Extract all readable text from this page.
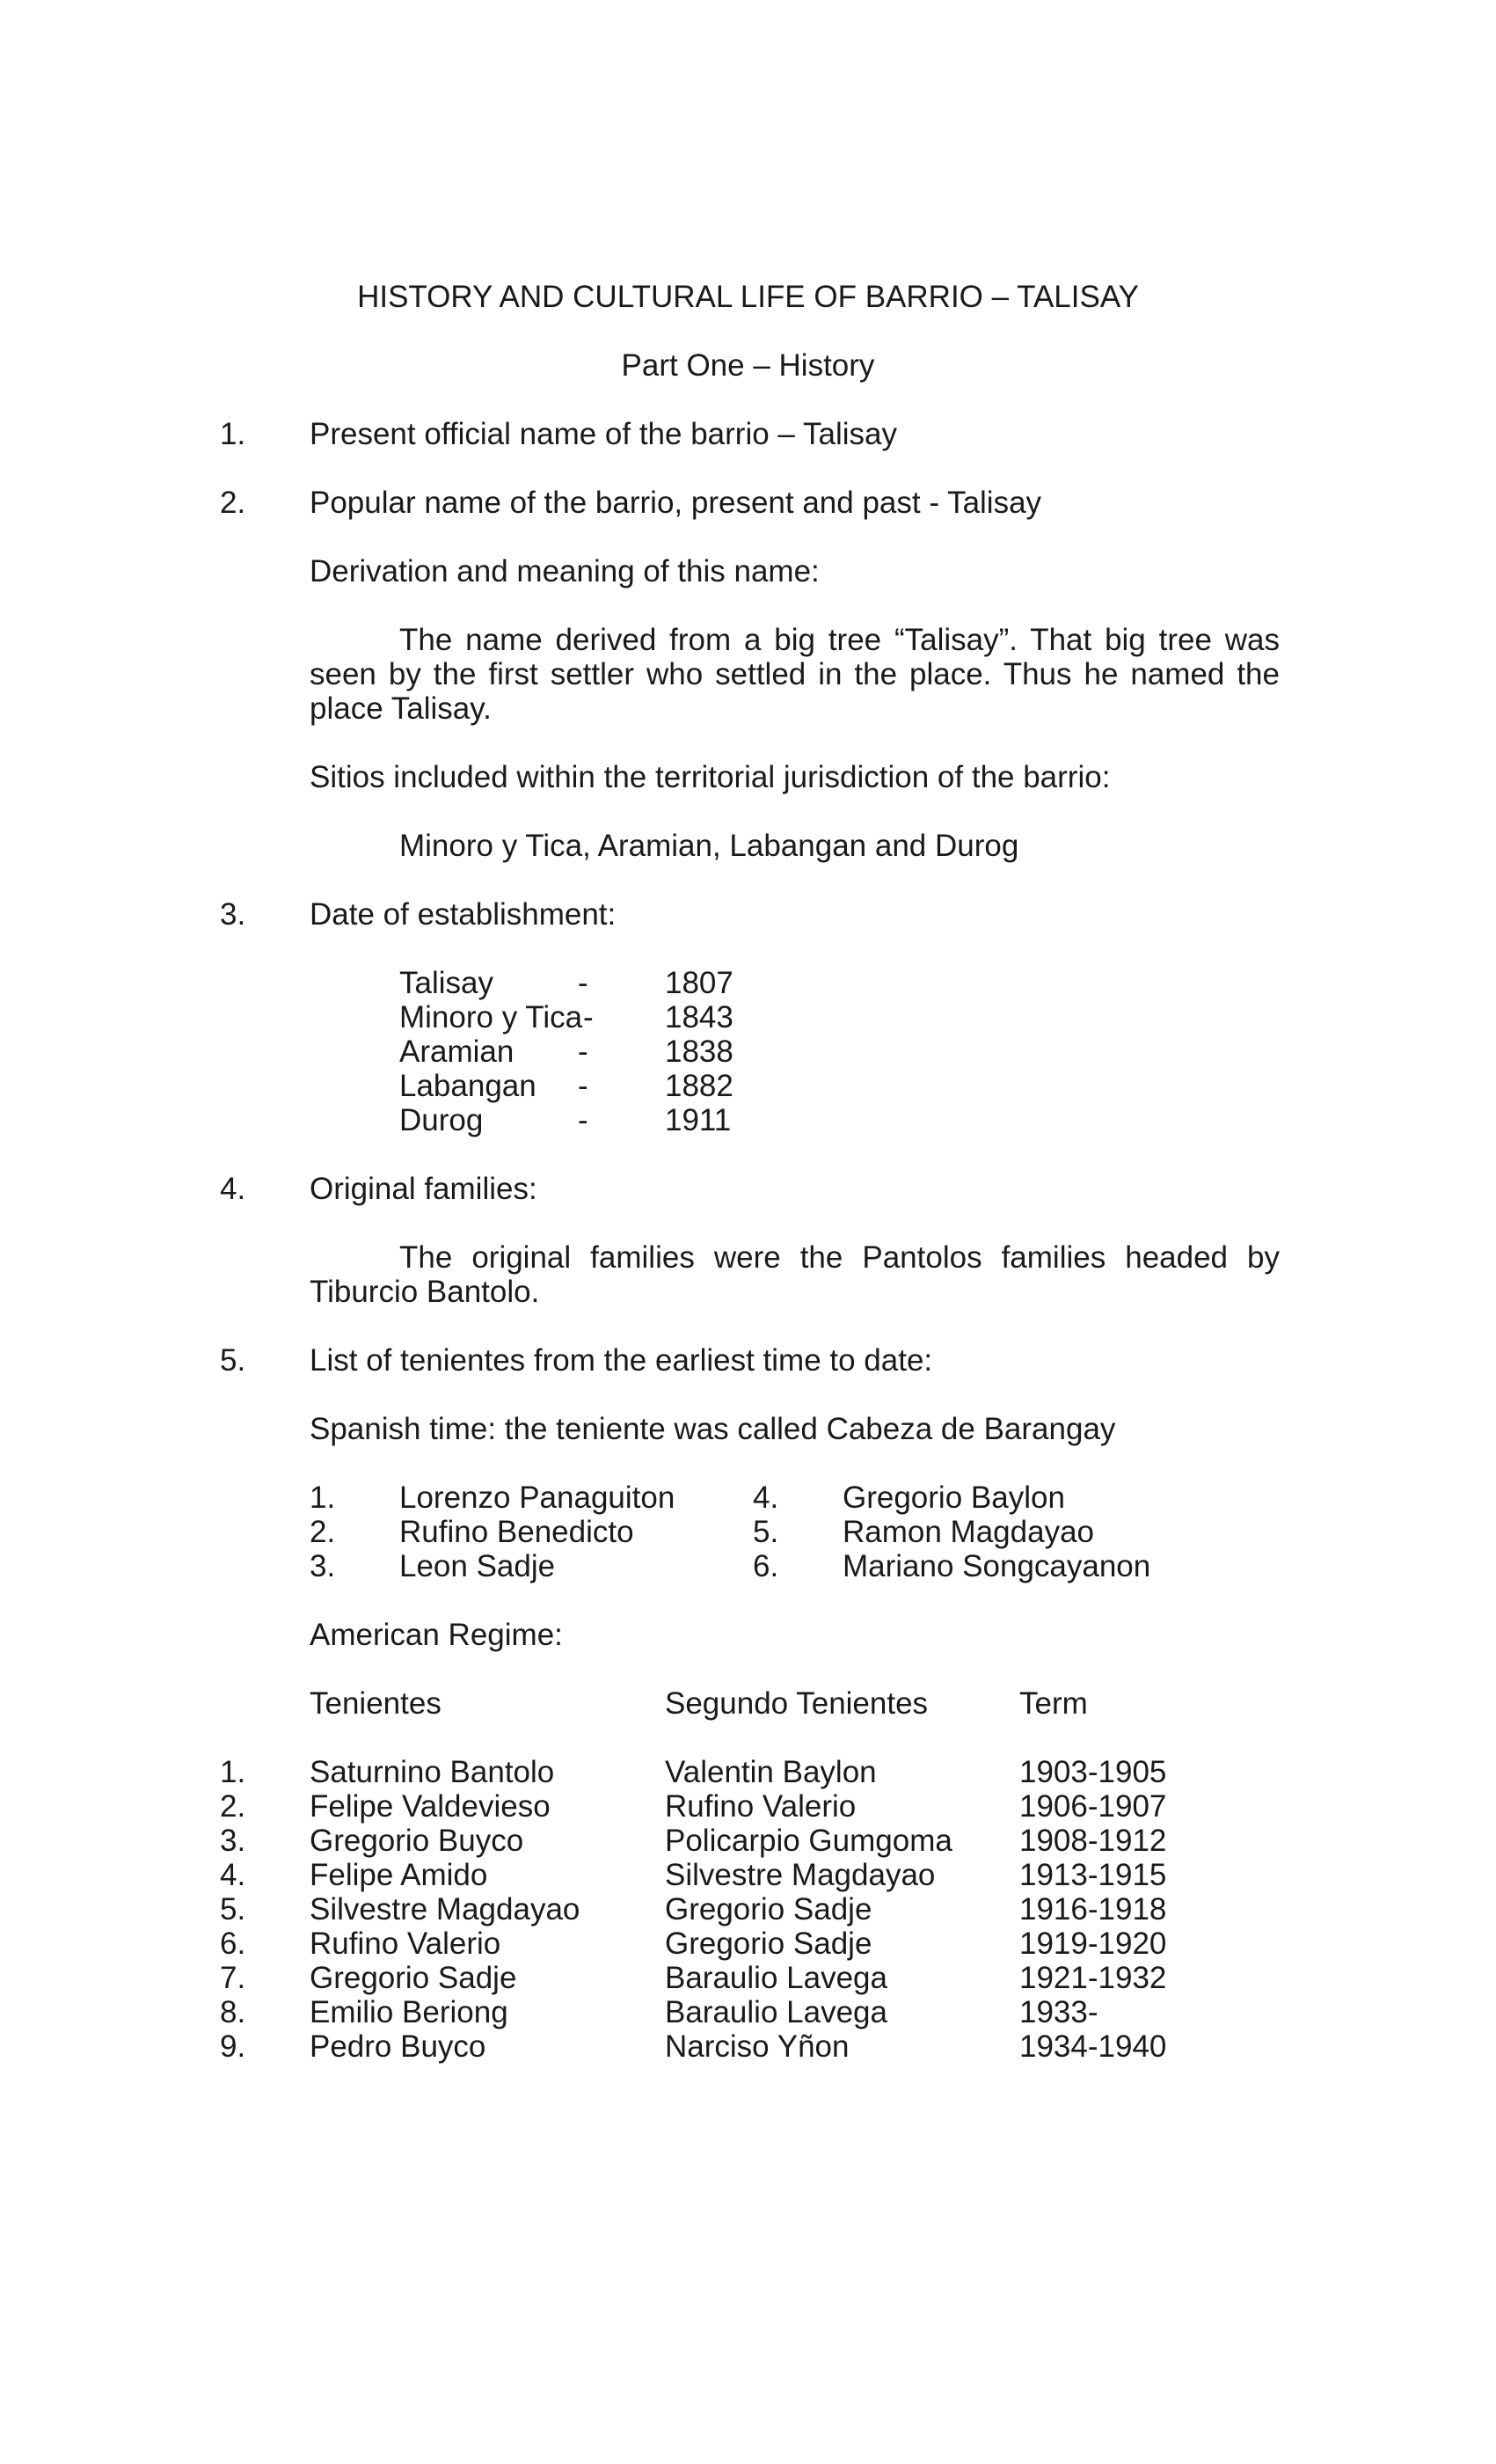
HISTORY AND CULTURAL LIFE OF BARRIO – TALISAY
Part One – History
1. Present official name of the barrio – Talisay
2. Popular name of the barrio, present and past - Talisay
Derivation and meaning of this name:
The name derived from a big tree “Talisay”. That big tree was seen by the first settler who settled in the place. Thus he named the place Talisay.
Sitios included within the territorial jurisdiction of the barrio:
Minoro y Tica, Aramian, Labangan and Durog
3. Date of establishment:
Talisay	- 1807
Minoro y Tica - 1843
Aramian - 1838
Labangan - 1882
Durog	- 1911
4. Original families:
The original families were the Pantolos families headed by Tiburcio Bantolo.
5. List of tenientes from the earliest time to date:
Spanish time: the teniente was called Cabeza de Barangay
1. Lorenzo Panaguiton
2. Rufino Benedicto
3. Leon Sadje
4. Gregorio Baylon
5. Ramon Magdayao
6. Mariano Songcayanon
American Regime:
Tenientes	Segundo Tenientes	Term
1. Saturnino Bantolo	Valentin Baylon	1903-1905
2. Felipe Valdevieso	Rufino Valerio	1906-1907
3. Gregorio Buyco	Policarpio Gumgoma 1908-1912
4. Felipe Amido	Silvestre Magdayao	1913-1915
5. Silvestre Magdayao	Gregorio Sadje	1916-1918
6. Rufino Valerio	Gregorio Sadje	1919-1920
7. Gregorio Sadje	Baraulio Lavega	1921-1932
8. Emilio Beriong	Baraulio Lavega	1933-
9. Pedro Buyco	Narciso Yñon	1934-1940
